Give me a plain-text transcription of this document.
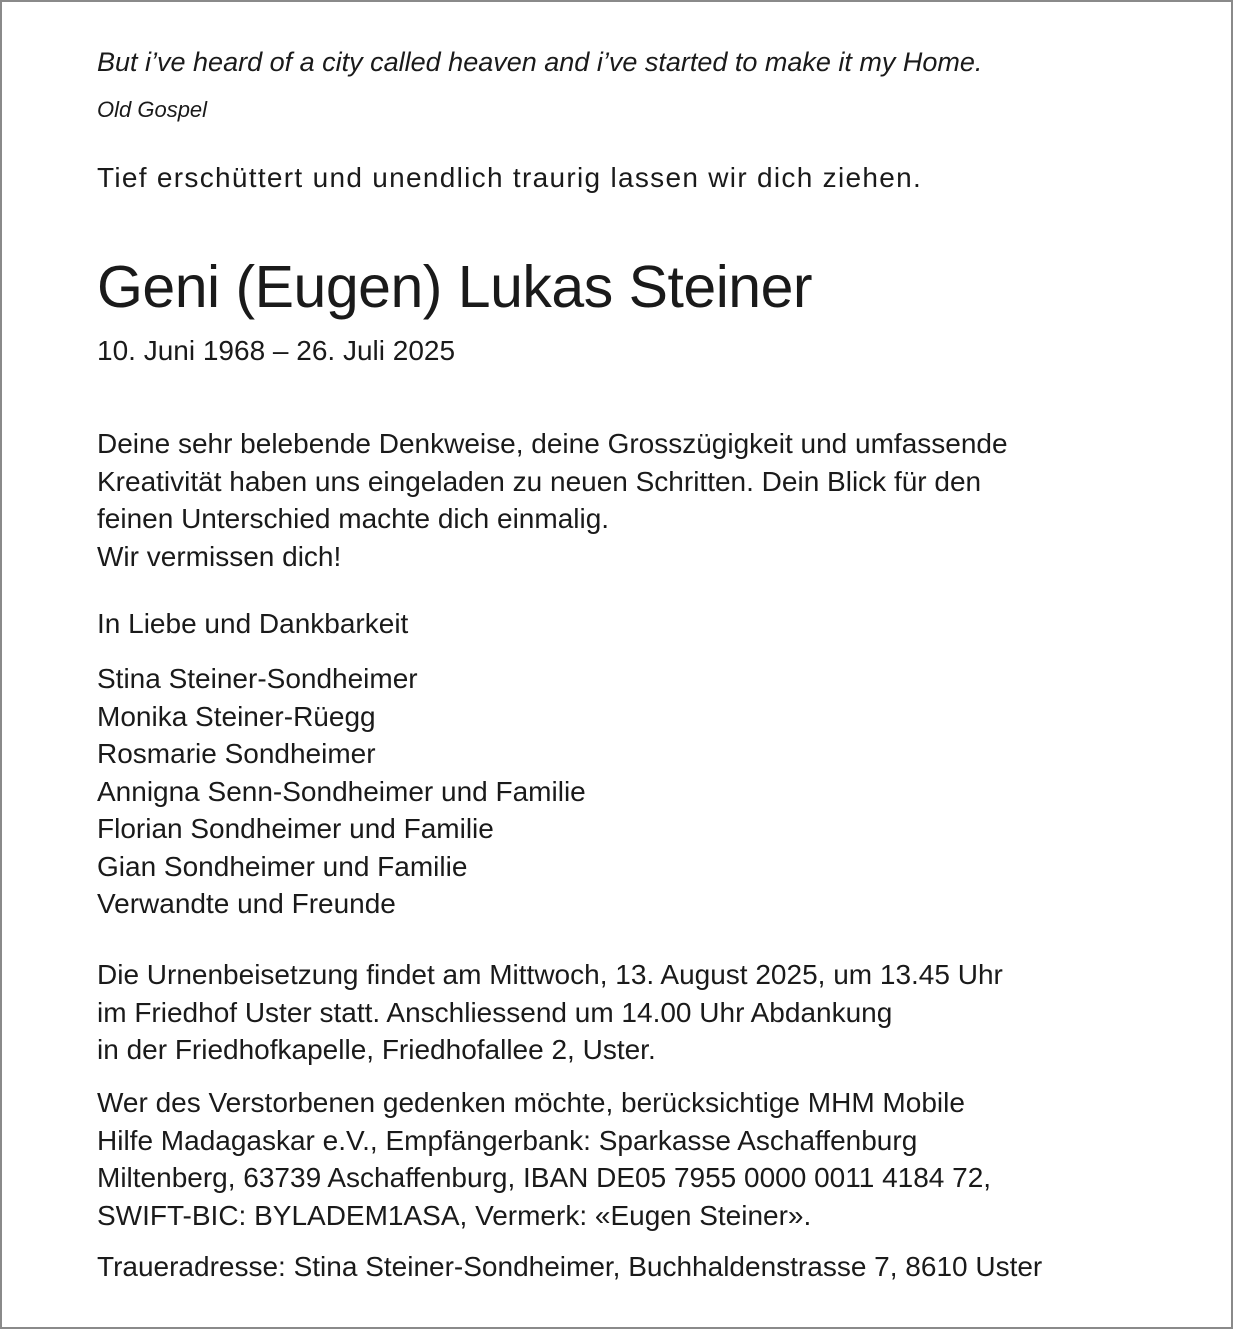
But i’ve heard of a city called heaven and i’ve started to make it my Home.

Old Gospel

Tief erschüttert und unendlich traurig lassen wir dich ziehen.

Geni (Eugen) Lukas Steiner

10. Juni 1968 – 26. Juli 2025

Deine sehr belebende Denkweise, deine Grosszügigkeit und umfassende
Kreativität haben uns eingeladen zu neuen Schritten. Dein Blick für den
feinen Unterschied machte dich einmalig.
Wir vermissen dich!

In Liebe und Dankbarkeit

Stina Steiner-Sondheimer
Monika Steiner-Rüegg
Rosmarie Sondheimer
Annigna Senn-Sondheimer und Familie
Florian Sondheimer und Familie
Gian Sondheimer und Familie
Verwandte und Freunde
Die Urnenbeisetzung findet am Mittwoch, 13. August 2025, um 13.45 Uhr
im Friedhof Uster statt. Anschliessend um 14.00 Uhr Abdankung
in der Friedhofkapelle, Friedhofallee 2, Uster.
Wer des Verstorbenen gedenken möchte, berücksichtige MHM Mobile
Hilfe Madagaskar e.V., Empfängerbank: Sparkasse Aschaffenburg
Miltenberg, 63739 Aschaffenburg, IBAN DE05 7955 0000 0011 4184 72,
SWIFT-BIC: BYLADEM1ASA, Vermerk: «Eugen Steiner».

Traueradresse: Stina Steiner-Sondheimer, Buchhaldenstrasse 7, 8610 Uster
